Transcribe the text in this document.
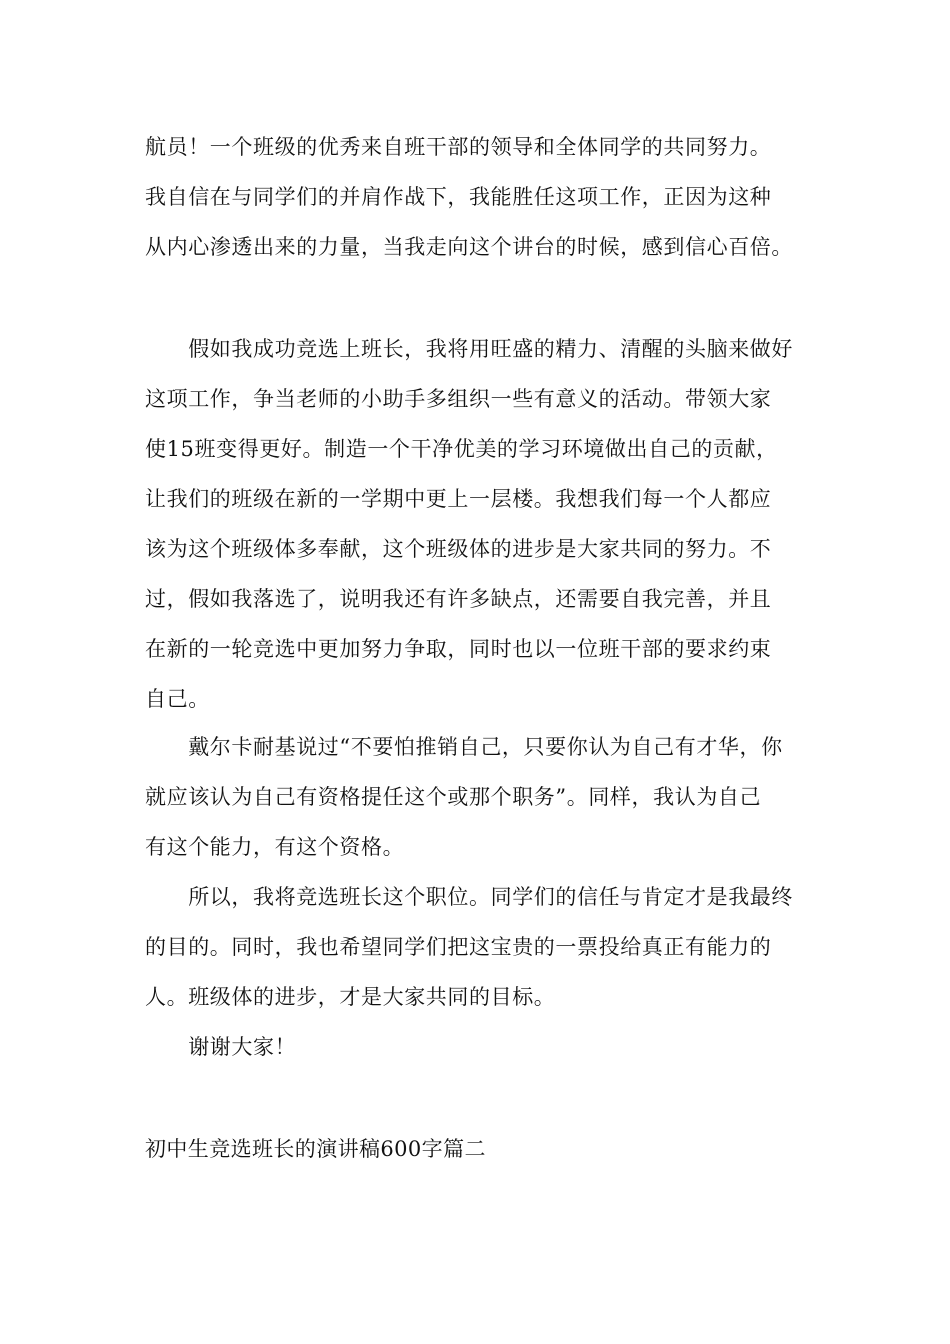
航员！一个班级的优秀来自班干部的领导和全体同学的共同努力。
我自信在与同学们的并肩作战下，我能胜任这项工作，正因为这种
从内心渗透出来的力量，当我走向这个讲台的时候，感到信心百倍。
　　假如我成功竞选上班长，我将用旺盛的精力、清醒的头脑来做好
这项工作，争当老师的小助手多组织一些有意义的活动。带领大家
使15班变得更好。制造一个干净优美的学习环境做出自己的贡献，
让我们的班级在新的一学期中更上一层楼。我想我们每一个人都应
该为这个班级体多奉献，这个班级体的进步是大家共同的努力。不
过，假如我落选了，说明我还有许多缺点，还需要自我完善，并且
在新的一轮竞选中更加努力争取，同时也以一位班干部的要求约束
自己。
　　戴尔卡耐基说过“不要怕推销自己，只要你认为自己有才华，你
就应该认为自己有资格提任这个或那个职务”。同样，我认为自己
有这个能力，有这个资格。
　　所以，我将竞选班长这个职位。同学们的信任与肯定才是我最终
的目的。同时，我也希望同学们把这宝贵的一票投给真正有能力的
人。班级体的进步，才是大家共同的目标。
　　谢谢大家！
初中生竞选班长的演讲稿600字篇二
